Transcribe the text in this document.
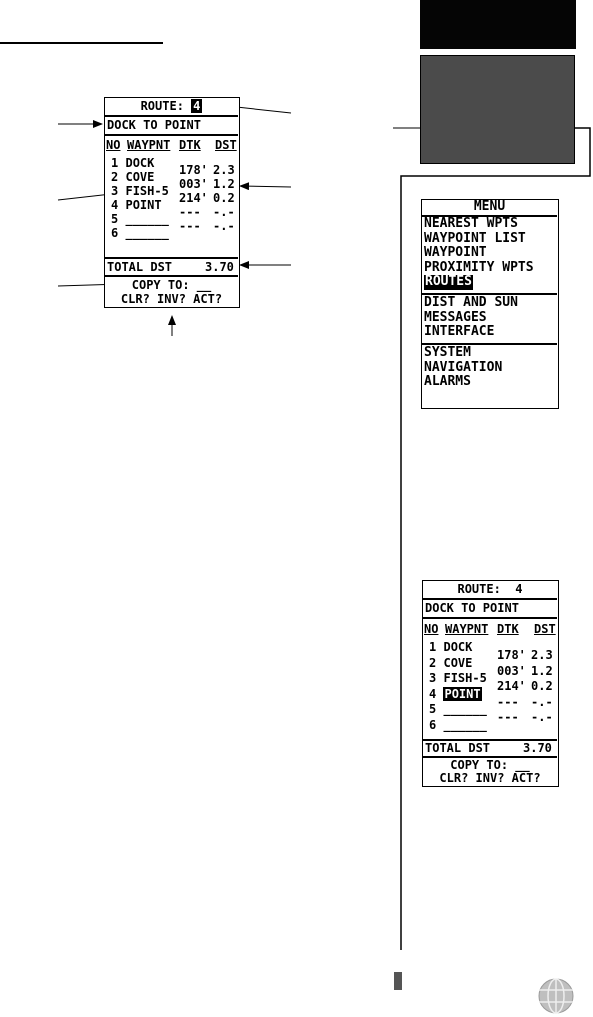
ROUTE: 4
DOCK TO POINT
NO WAYPNT DTK DST
1 DOCK
2 COVE
3 FISH-5
4 POINT
5 ______
6 ______
178' 2.3
003' 1.2
214' 0.2
--- -.-
--- -.-
TOTAL DST	3.70
COPY TO: __
CLR? INV? ACT?
MENU
NEAREST WPTS
WAYPOINT LIST
WAYPOINT
PROXIMITY WPTS
ROUTES
DIST AND SUN
MESSAGES
INTERFACE
SYSTEM
NAVIGATION
ALARMS
ROUTE:  4
DOCK TO POINT
NO WAYPNT DTK DST
1 DOCK
2 COVE
3 FISH-5
4 POINT
5 ______
6 ______
178' 2.3
003' 1.2
214' 0.2
--- -.-
--- -.-
TOTAL DST	3.70
COPY TO: __
CLR? INV? ACT?
